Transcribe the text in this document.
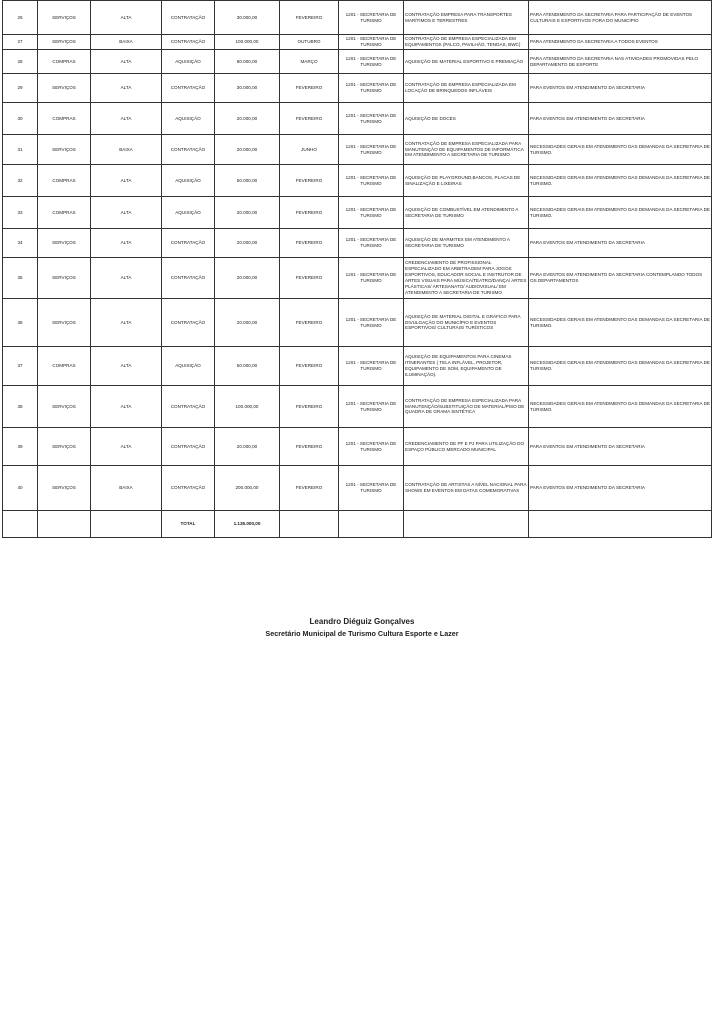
26	SERVIÇOS	ALTA	CONTRATAÇÃO	30.000,00	FEVEREIRO	1201 - SECRETARIA DE TURISMO	CONTRATAÇÃO EMPRESA PARA TRANSPORTES MARÍTIMOS E TERRESTRES	PARA ATENDIMENTO DA SECRETARIA PARA PARTICIPAÇÃO DE EVENTOS CULTURAIS E ESPORTIVOS FORA DO MUNICÍPIO
27	SERVIÇOS	BAIXA	CONTRATAÇÃO	100.000,00	OUTUBRO	1201 - SECRETARIA DE TURISMO	CONTRATAÇÃO DE EMPRESA ESPECIALIZADA EM EQUIPAMENTOS (PALCO, PAVILHÃO, TENDAS, BWC)	PARA ATENDIMENTO DA SECRETARIA A TODOS EVENTOS
28	COMPRAS	ALTA	AQUISIÇÃO	80.000,00	MARÇO	1201 - SECRETARIA DE TURISMO	AQUISIÇÃO DE MATERIAL ESPORTIVO E PREMIAÇÃO	PARA ATENDIMENTO DA SECRETARIA NAS ATIVIDADES PROMOVIDAS PELO DEPARTAMENTO DE ESPORTE
29	SERVIÇOS	ALTA	CONTRATAÇÃO	30.000,00	FEVEREIRO	1201 - SECRETARIA DE TURISMO	CONTRATAÇÃO DE EMPRESA ESPECIALIZADA EM LOCAÇÃO DE BRINQUEDOS INFLÁVEIS	PARA EVENTOS EM ATENDIMENTO DA SECRETARIA
30	COMPRAS	ALTA	AQUISIÇÃO	20.000,00	FEVEREIRO	1201 - SECRETARIA DE TURISMO	AQUISIÇÃO DE DOCES	PARA EVENTOS EM ATENDIMENTO DA SECRETARIA
31	SERVIÇOS	BAIXA	CONTRATAÇÃO	20.000,00	JUNHO	1201 - SECRETARIA DE TURISMO	CONTRATAÇÃO DE EMPRESA ESPECIALIZADA PARA MANUTENÇÃO DE EQUIPAMENTOS DE INFORMÁTICA EM ATENDIMENTO A SECRETARIA DE TURISMO	NECESSIDADES GERAIS EM ATENDIMENTO DAS DEMANDAS DA SECRETARIA DE TURISMO.
32	COMPRAS	ALTA	AQUISIÇÃO	50.000,00	FEVEREIRO	1201 - SECRETARIA DE TURISMO	AQUISIÇÃO DE PLAYGROUND,BANCOS, PLACAS DE SINALIZAÇÃO E LIXEIRAS	NECESSIDADES GERAIS EM ATENDIMENTO DAS DEMANDAS DA SECRETARIA DE TURISMO.
33	COMPRAS	ALTA	AQUISIÇÃO	20.000,00	FEVEREIRO	1201 - SECRETARIA DE TURISMO	AQUISIÇÃO DE COMBUSTÍVEL EM ATENDIMENTO A SECRETARIA DE TURISMO	NECESSIDADES GERAIS EM ATENDIMENTO DAS DEMANDAS DA SECRETARIA DE TURISMO.
34	SERVIÇOS	ALTA	CONTRATAÇÃO	20.000,00	FEVEREIRO	1201 - SECRETARIA DE TURISMO	AQUISIÇÃO DE MARMITEX EM ATENDIMENTO A SECRETARIA DE TURISMO	PARA EVENTOS EM ATENDIMENTO DA SECRETARIA
35	SERVIÇOS	ALTA	CONTRATAÇÃO	20.000,00	FEVEREIRO	1201 - SECRETARIA DE TURISMO	CREDENCIAMENTO DE PROFISSIONAL ESPECIALIZADO EM ARBITRAGEM PARA JOGOS ESPORTIVOS, EDUCADOR SOCIAL E INSTRUTOR DE ARTES VISUAIS PARA MÚSICA/TEATRO/DANÇA/ ARTES PLÁSTICAS/ ARTESANATO/ AUDIOVISUAL/ EM ATENDIMENTO A SECRETARIA DE TURISMO	PARA EVENTOS EM ATENDIMENTO DA SECRETARIA CONTEMPLANDO TODOS OS DEPARTAMENTOS
36	SERVIÇOS	ALTA	CONTRATAÇÃO	20.000,00	FEVEREIRO	1201 - SECRETARIA DE TURISMO	AQUISIÇÃO DE MATERIAL DIGITAL E GRÁFICO PARA DIVULGAÇÃO DO MUNICÍPIO E EVENTOS ESPORTIVOS/ CULTURAIS/ TURÍSTICOS	NECESSIDADES GERAIS EM ATENDIMENTO DAS DEMANDAS DA SECRETARIA DE TURISMO.
37	COMPRAS	ALTA	AQUISIÇÃO	50.000,00	FEVEREIRO	1201 - SECRETARIA DE TURISMO	AQUISIÇÃO DE EQUIPAMENTOS PARA CINEMAS ITINERANTES ( TELA INFLÁVEL, PROJETOR, EQUIPAMENTO DE SOM, EQUIPAMENTO DE ILUMINAÇÃO).	NECESSIDADES GERAIS EM ATENDIMENTO DAS DEMANDAS DA SECRETARIA DE TURISMO.
38	SERVIÇOS	ALTA	CONTRATAÇÃO	100.000,00	FEVEREIRO	1201 - SECRETARIA DE TURISMO	CONTRATAÇÃO DE EMPRESA ESPECIALIZADA PARA MANUTENÇÃO/SUBSTITUIÇÃO DE MATERIAL/PISO DE QUADRA DE GRAMA SINTÉTICA	NECESSIDADES GERAIS EM ATENDIMENTO DAS DEMANDAS DA SECRETARIA DE TURISMO.
39	SERVIÇOS	ALTA	CONTRATAÇÃO	20.000,00	FEVEREIRO	1201 - SECRETARIA DE TURISMO	CREDENCIAMENTO DE PF E PJ PARA UTILIZAÇÃO DO ESPAÇO PÚBLICO MERCADO MUNICIPAL	PARA EVENTOS EM ATENDIMENTO DA SECRETARIA
40	SERVIÇOS	BAIXA	CONTRATAÇÃO	200.000,00	FEVEREIRO	1201 - SECRETARIA DE TURISMO	CONTRATAÇÃO DE ARTISTAS A NÍVEL NACIONAL PARA SHOWS EM EVENTOS EM DATAS COMEMORATIVAS	PARA EVENTOS EM ATENDIMENTO DA SECRETARIA
			TOTAL	1.135.000,00				
Leandro Diéguiz Gonçalves
Secretário Municipal de Turismo Cultura Esporte e Lazer
